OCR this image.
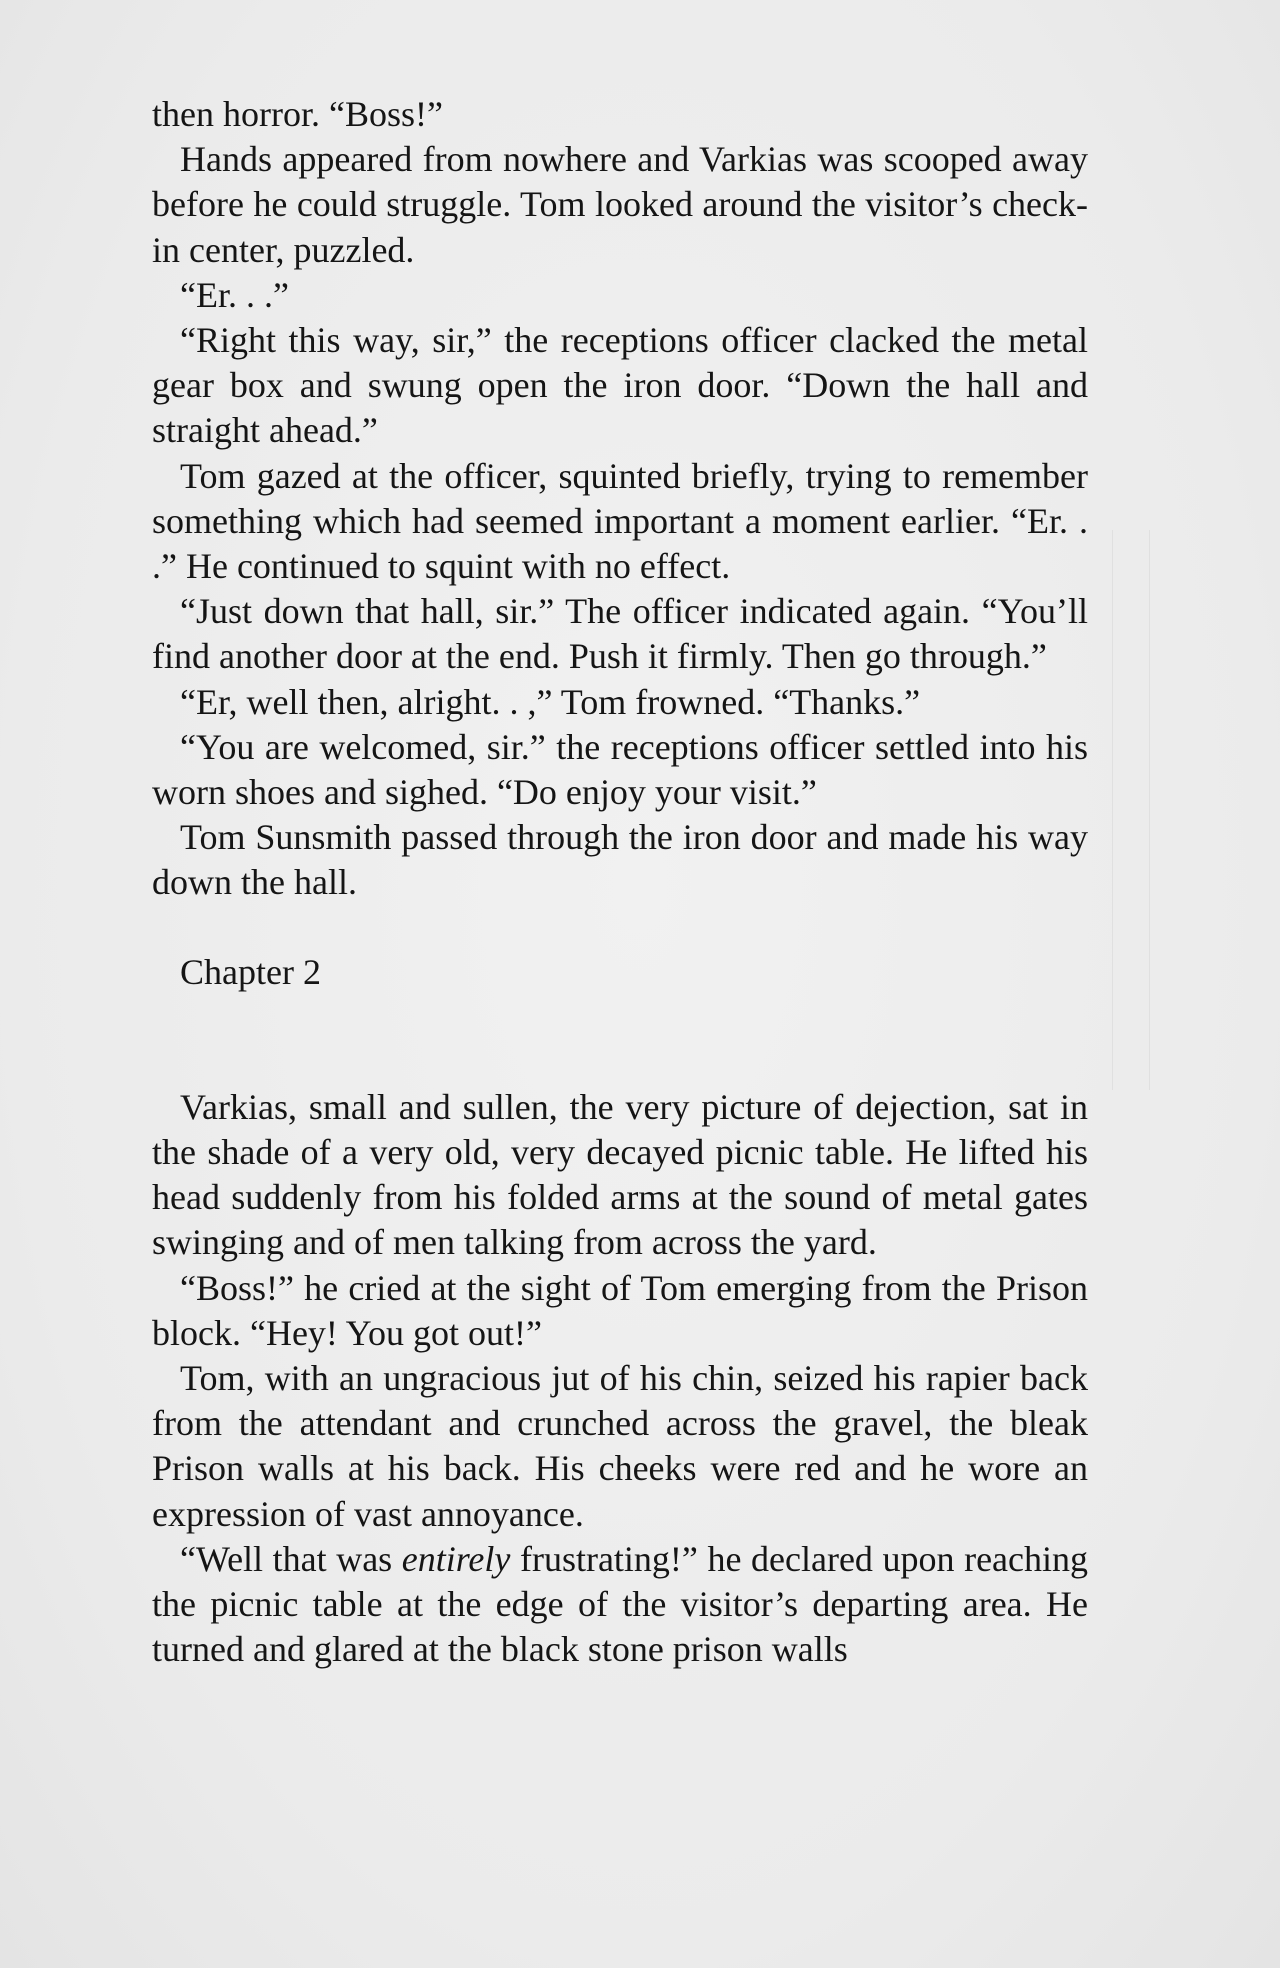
then horror. “Boss!”

Hands appeared from nowhere and Varkias was scooped away before he could struggle. Tom looked around the visitor’s check-in center, puzzled.

“Er. . .”

“Right this way, sir,” the receptions officer clacked the metal gear box and swung open the iron door. “Down the hall and straight ahead.”

Tom gazed at the officer, squinted briefly, trying to remember something which had seemed important a moment earlier. “Er. . .” He continued to squint with no effect.

“Just down that hall, sir.” The officer indicated again. “You’ll find another door at the end. Push it firmly. Then go through.”

“Er, well then, alright. . ,” Tom frowned. “Thanks.”

“You are welcomed, sir.” the receptions officer settled into his worn shoes and sighed. “Do enjoy your visit.”

Tom Sunsmith passed through the iron door and made his way down the hall.

Chapter 2

Varkias, small and sullen, the very picture of dejection, sat in the shade of a very old, very decayed picnic table. He lifted his head suddenly from his folded arms at the sound of metal gates swinging and of men talking from across the yard.

“Boss!” he cried at the sight of Tom emerging from the Prison block. “Hey! You got out!”

Tom, with an ungracious jut of his chin, seized his rapier back from the attendant and crunched across the gravel, the bleak Prison walls at his back. His cheeks were red and he wore an expression of vast annoyance.

“Well that was entirely frustrating!” he declared upon reaching the picnic table at the edge of the visitor’s departing area. He turned and glared at the black stone prison walls
